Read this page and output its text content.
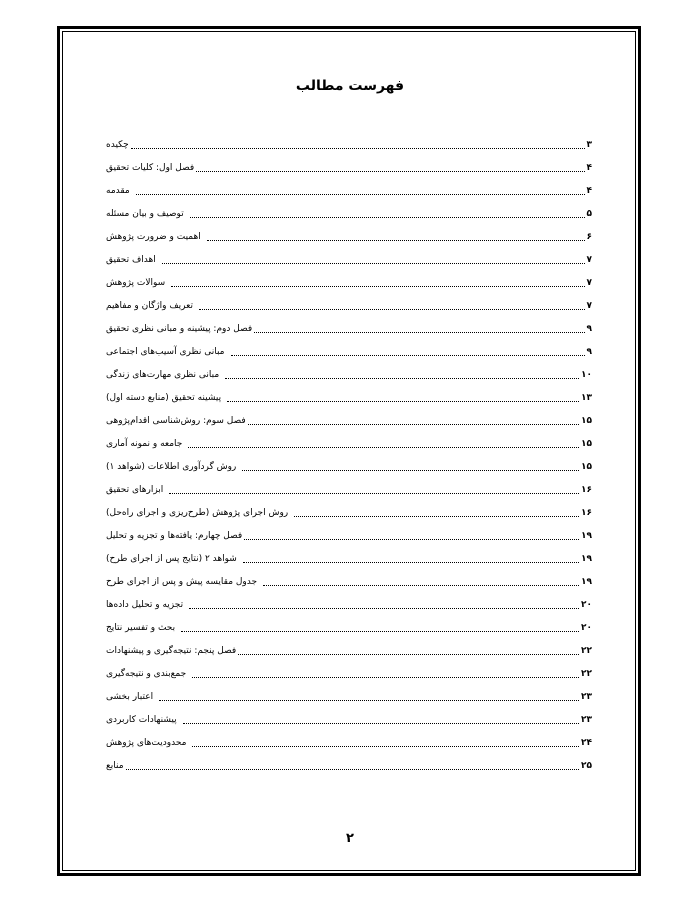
فهرست مطالب
چکیده	۳
فصل اول: کلیات تحقیق	۴
مقدمه	۴
توصیف و بیان مسئله	۵
اهمیت و ضرورت پژوهش	۶
اهداف تحقیق	۷
سوالات پژوهش	۷
تعریف واژگان و مفاهیم	۷
فصل دوم: پیشینه و مبانی نظری تحقیق	۹
مبانی نظری آسیب‌های اجتماعی	۹
مبانی نظری مهارت‌های زندگی	۱۰
پیشینه تحقیق (منابع دسته اول)	۱۳
فصل سوم: روش‌شناسی اقدام‌پژوهی	۱۵
جامعه و نمونه آماری	۱۵
روش گردآوری اطلاعات (شواهد ۱)	۱۵
ابزارهای تحقیق	۱۶
روش اجرای پژوهش (طرح‌ریزی و اجرای راه‌حل)	۱۶
فصل چهارم: یافته‌ها و تجزیه و تحلیل	۱۹
شواهد ۲ (نتایج پس از اجرای طرح)	۱۹
جدول مقایسه پیش و پس از اجرای طرح	۱۹
تجزیه و تحلیل داده‌ها	۲۰
بحث و تفسیر نتایج	۲۰
فصل پنجم: نتیجه‌گیری و پیشنهادات	۲۲
جمع‌بندی و نتیجه‌گیری	۲۲
اعتبار بخشی	۲۳
پیشنهادات کاربردی	۲۳
محدودیت‌های پژوهش	۲۴
منابع	۲۵
۲
